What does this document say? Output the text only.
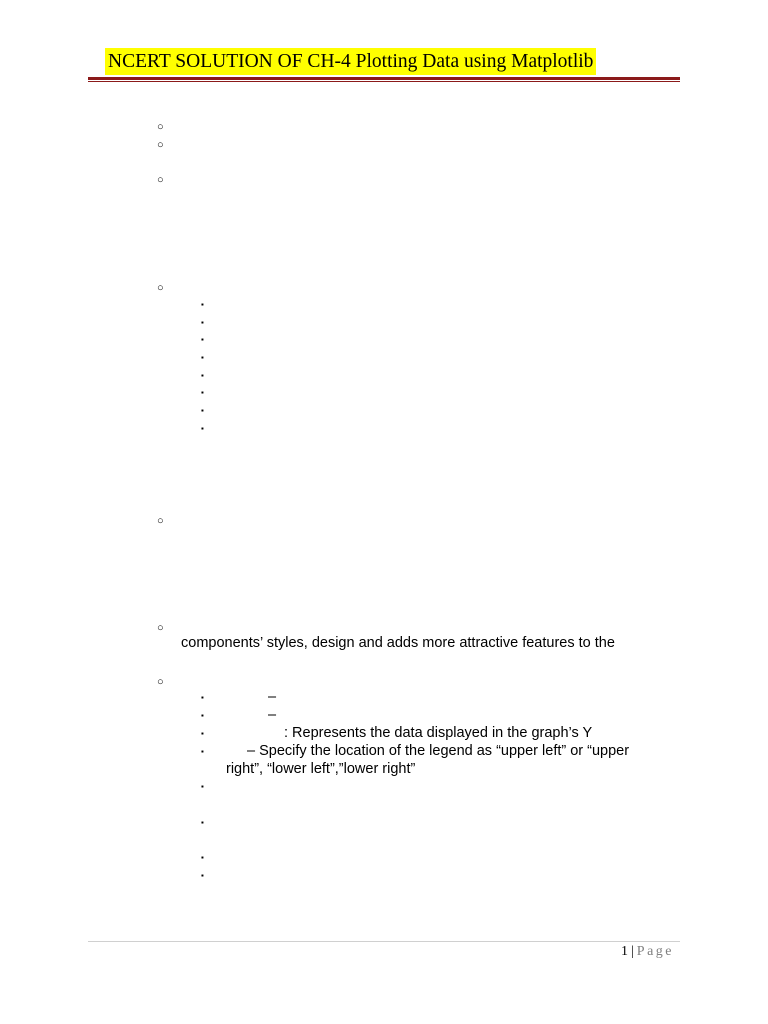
NCERT SOLUTION OF CH-4 Plotting Data using Matplotlib
○
○
○
○
▪
▪
▪
▪
▪
▪
▪
▪
○
○
components’ styles, design and adds more attractive features to the
○
▪	–
▪	–
▪	: Represents the data displayed in the graph’s Y
▪	– Specify the location of the legend as “upper left” or “upper
right”, “lower left”,”lower right”
▪
▪
▪
▪
1 | Page
